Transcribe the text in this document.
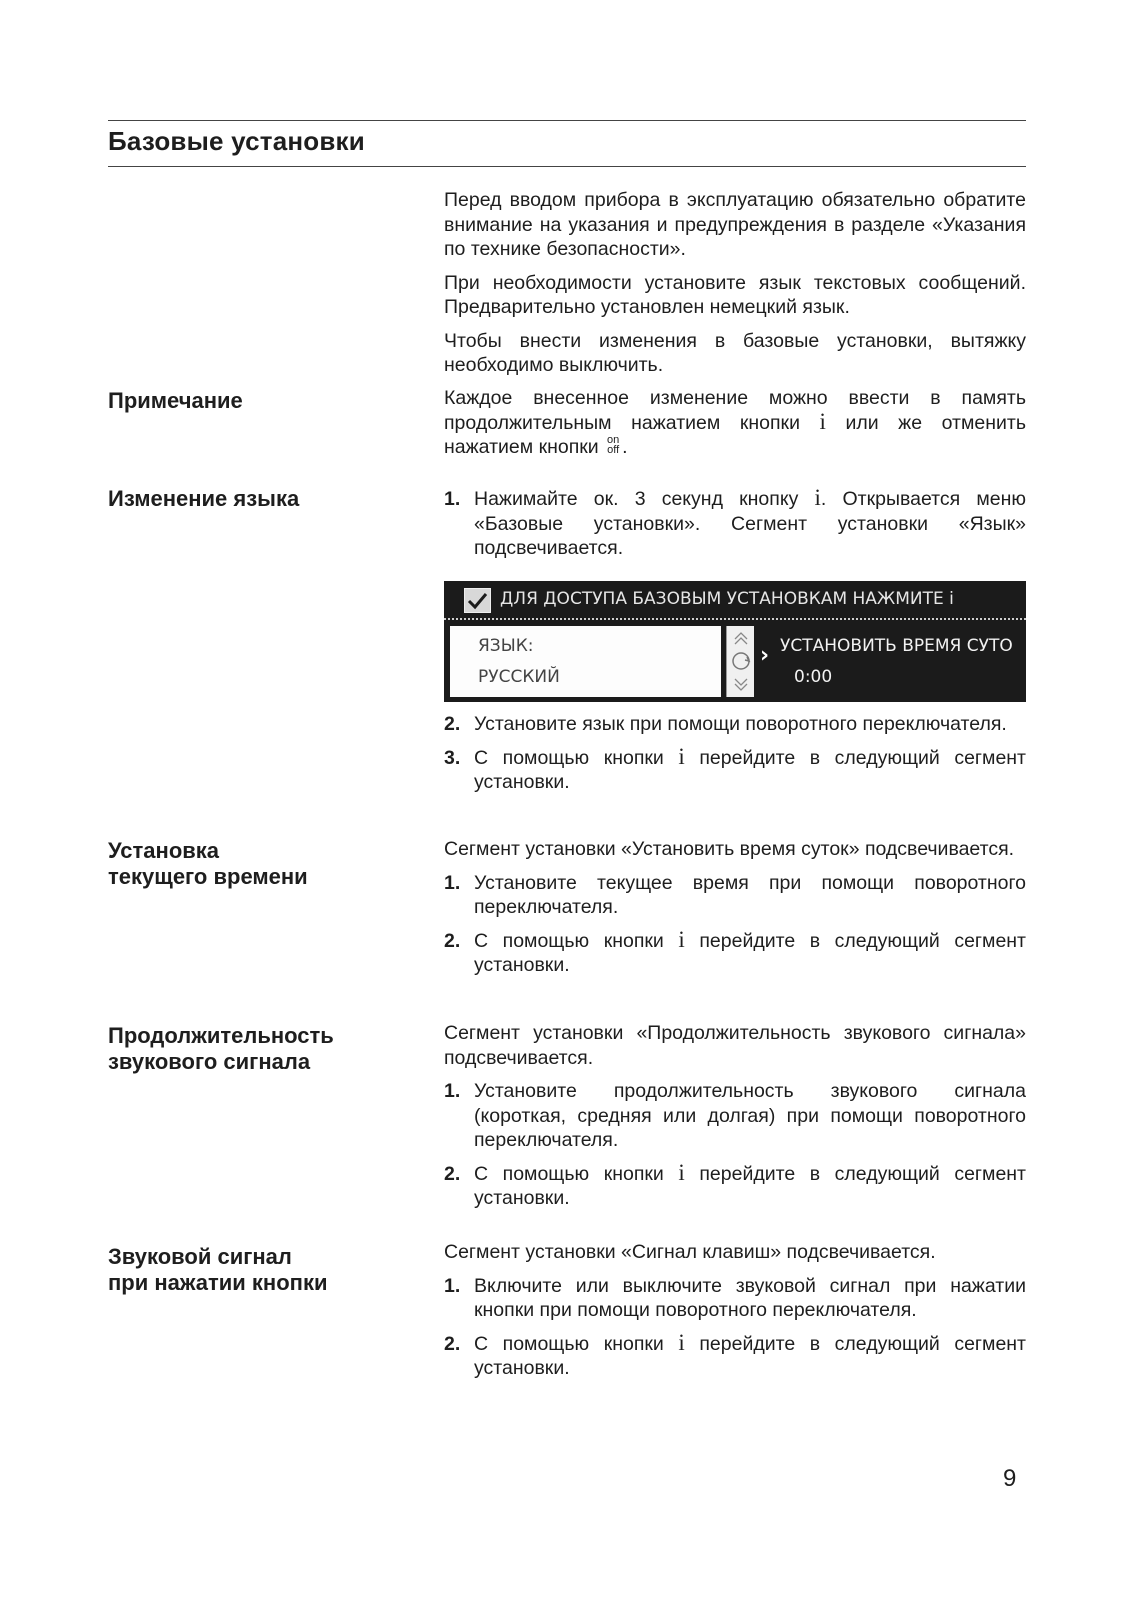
Базовые установки

Перед вводом прибора в эксплуатацию обязательно обратите внимание на указания и предупреждения в разделе «Указания по технике безопасности».

При необходимости установите язык текстовых сообщений. Предварительно установлен немецкий язык.

Чтобы внести изменения в базовые установки, вытяжку необходимо выключить.

Примечание	Каждое внесенное изменение можно ввести в память продолжительным нажатием кнопки i или же отменить нажатием кнопки on
off .

Изменение языка	1. Нажимайте ок. 3 секунд кнопку i. Открывается меню «Базовые установки». Сегмент установки «Язык» подсвечивается.
ДЛЯ ДОСТУПА БАЗОВЫМ УСТАНОВКАМ НАЖМИТЕ i
ЯЗЫК:
РУССКИЙ
› УСТАНОВИТЬ ВРЕМЯ СУТО
0:00
2. Установите язык при помощи поворотного переключателя.
3. С помощью кнопки i перейдите в следующий сегмент установки.
Установка
текущего времени

Сегмент установки «Установить время суток» подсвечивается.

1. Установите текущее время при помощи поворотного переключателя.
2. С помощью кнопки i перейдите в следующий сегмент установки.
Продолжительность
звукового сигнала

Сегмент установки «Продолжительность звукового сигнала» подсвечивается.

1. Установите продолжительность звукового сигнала (короткая, средняя или долгая) при помощи поворотного переключателя.
2. С помощью кнопки i перейдите в следующий сегмент установки.
Звуковой сигнал
при нажатии кнопки

Сегмент установки «Сигнал клавиш» подсвечивается.

1. Включите или выключите звуковой сигнал при нажатии кнопки при помощи поворотного переключателя.
2. С помощью кнопки i перейдите в следующий сегмент установки.
9
